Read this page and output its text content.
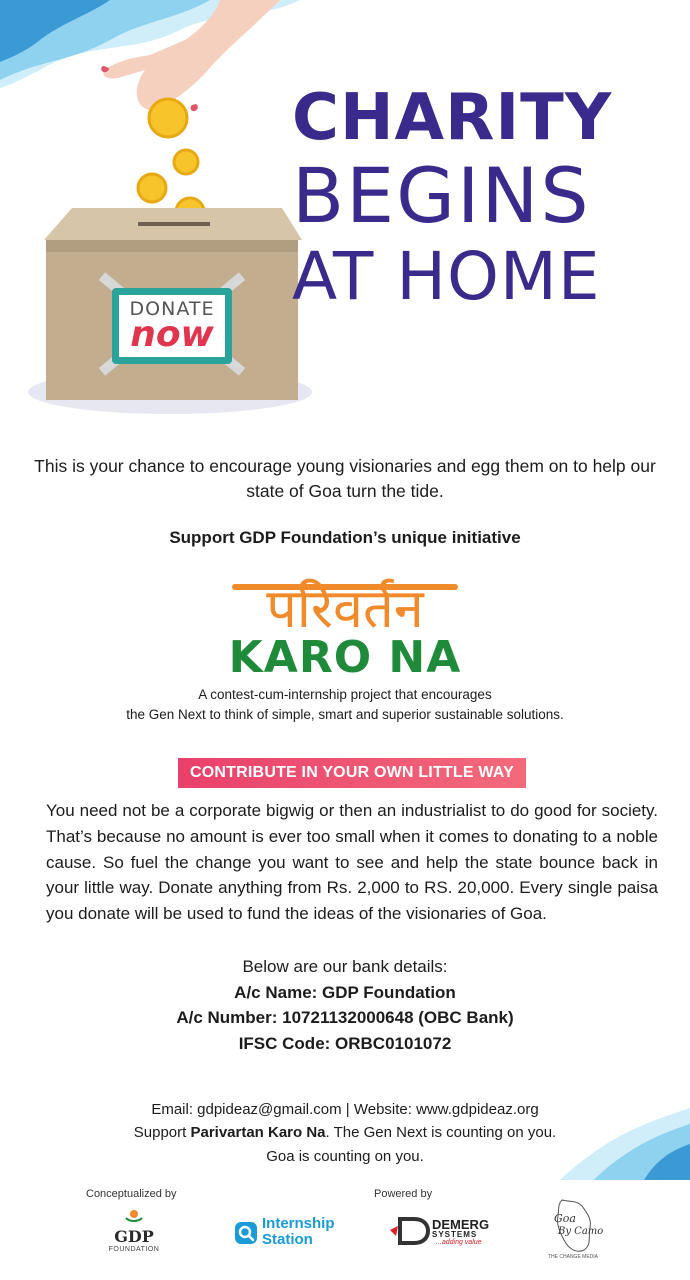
DONATE
now
CHARITY
BEGINS
AT HOME
This is your chance to encourage young visionaries and egg them on to help our state of Goa turn the tide.
Support GDP Foundation’s unique initiative
परिवर्तन
KARO NA
A contest-cum-internship project that encourages
the Gen Next to think of simple, smart and superior sustainable solutions.
CONTRIBUTE IN YOUR OWN LITTLE WAY
You need not be a corporate bigwig or then an industrialist to do good for society. That’s because no amount is ever too small when it comes to donating to a noble cause. So fuel the change you want to see and help the state bounce back in your little way. Donate anything from Rs. 2,000 to RS. 20,000. Every single paisa you donate will be used to fund the ideas of the visionaries of Goa.
Below are our bank details:
A/c Name: GDP Foundation
A/c Number: 10721132000648 (OBC Bank)
IFSC Code: ORBC0101072
Email: gdpideaz@gmail.com | Website: www.gdpideaz.org
Support Parivartan Karo Na. The Gen Next is counting on you.
Goa is counting on you.
Conceptualized by	Powered by
GDP
FOUNDATION
Internship
Station
DEMERG
SYSTEMS
...adding value
Goa
By Camo
THE CHANGE MEDIA
